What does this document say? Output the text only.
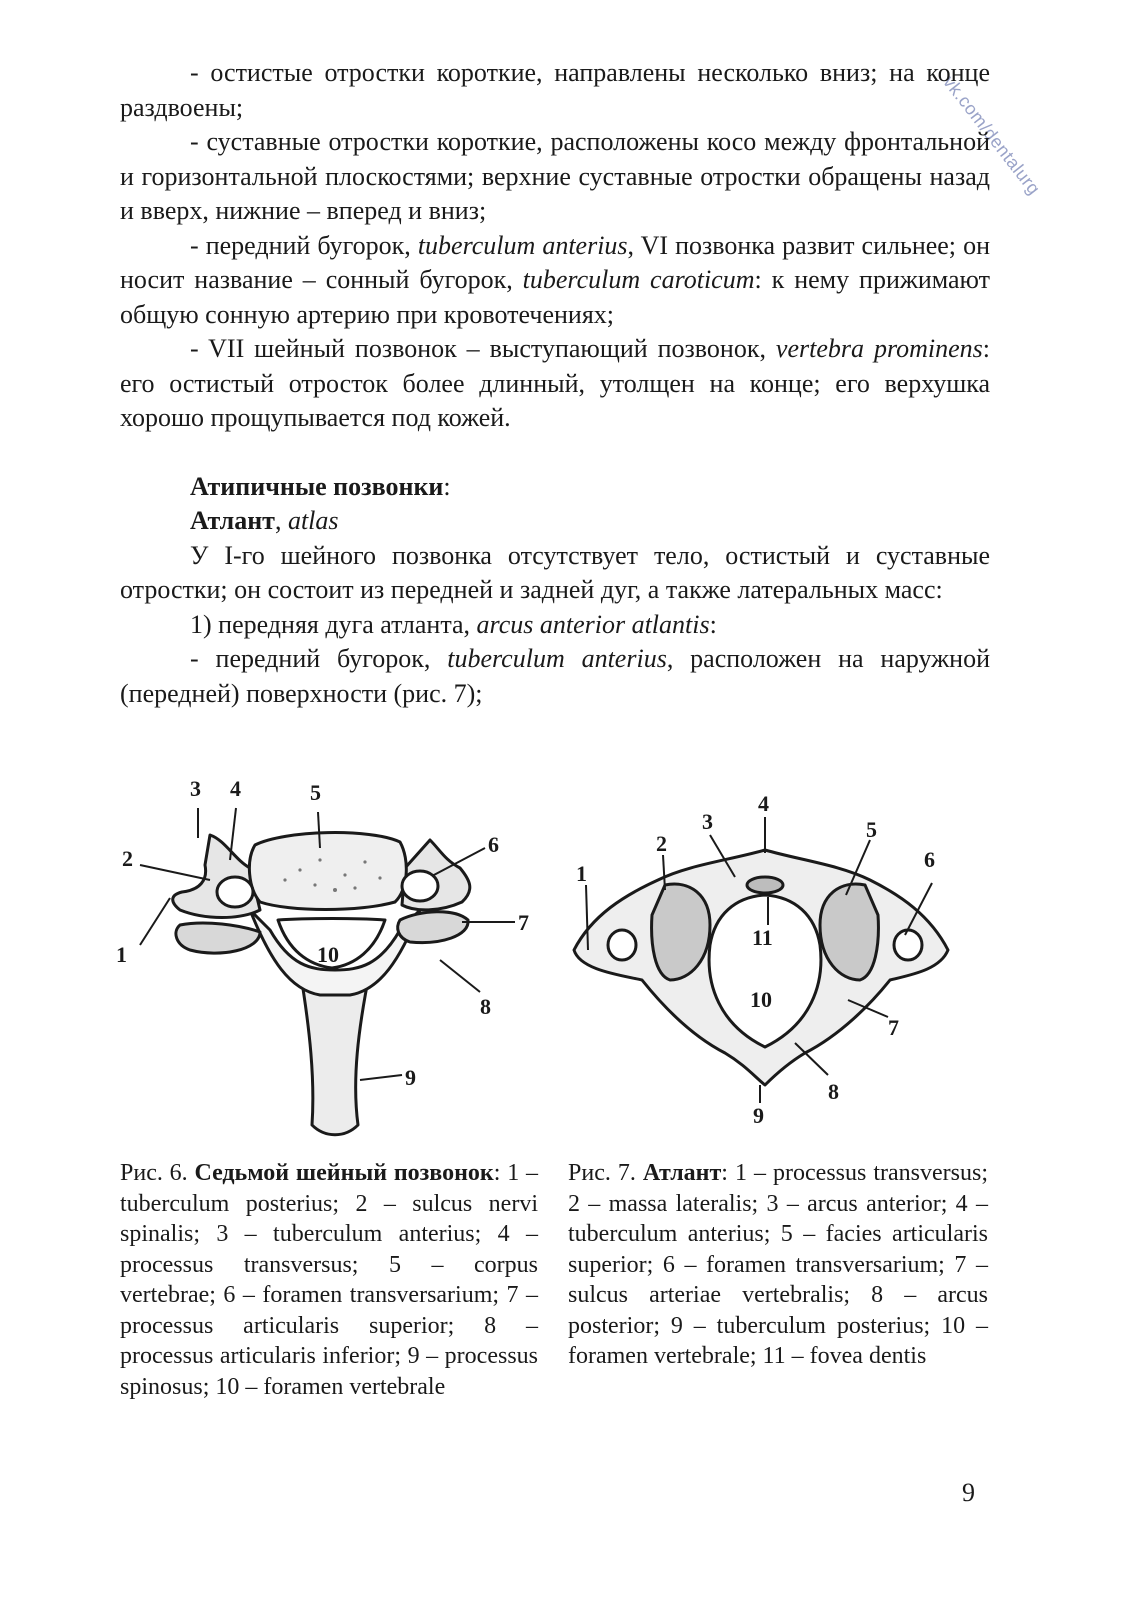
vk.com/dentalurg

- остистые отростки короткие, направлены несколько вниз; на конце раздвоены;

- суставные отростки короткие, расположены косо между фронтальной и горизонтальной плоскостями; верхние суставные отростки обращены назад и вверх, нижние – вперед и вниз;

- передний бугорок, tuberculum anterius, VI позвонка развит сильнее; он носит название – сонный бугорок, tuberculum caroticum: к нему прижимают общую сонную артерию при кровотечениях;

- VII шейный позвонок – выступающий позвонок, vertebra prominens: его остистый отросток более длинный, утолщен на конце; его верхушка хорошо прощупывается под кожей.

Атипичные позвонки:

Атлант, atlas

У I-го шейного позвонка отсутствует тело, остистый и суставные отростки; он состоит из передней и задней дуг, а также латеральных масс:

1) передняя дуга атланта, arcus anterior atlantis:

- передний бугорок, tuberculum anterius, расположен на наружной (передней) поверхности (рис. 7);

3 4	5
2
6
7
1	10
8
9
1
2
3
4
5
6
11
10
7
8
9
Рис. 6. Седьмой шейный позвонок: 1 – tuberculum posterius; 2 – sulcus nervi spinalis; 3 – tuberculum anterius; 4 – processus transversus; 5 – corpus vertebrae; 6 – foramen transversarium; 7 – processus articularis superior; 8 – processus articularis inferior; 9 – processus spinosus; 10 – foramen vertebrale
Рис. 7. Атлант: 1 – processus transversus; 2 – massa lateralis; 3 – arcus anterior; 4 – tuberculum anterius; 5 – facies articularis superior; 6 – foramen transversarium; 7 – sulcus arteriae vertebralis; 8 – arcus posterior; 9 – tuberculum posterius; 10 – foramen vertebrale; 11 – fovea dentis
9
